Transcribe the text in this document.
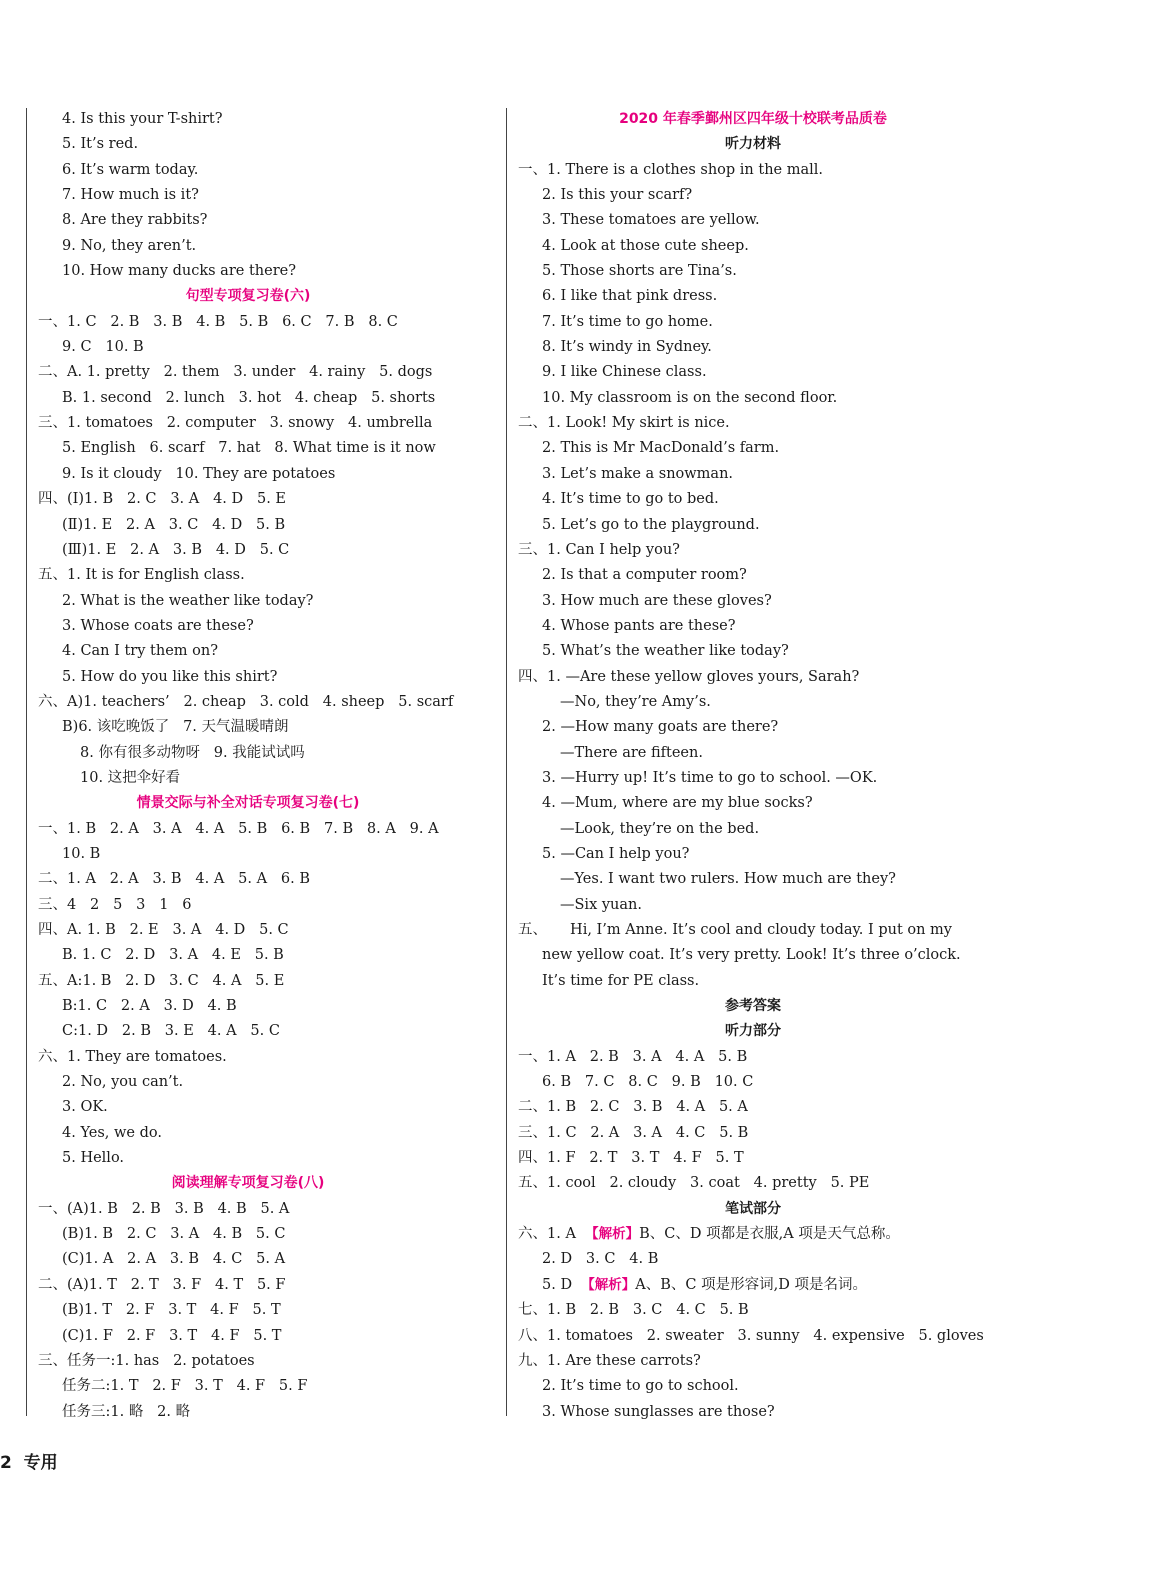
4. Is this your T-shirt?
5. It’s red.
6. It’s warm today.
7. How much is it?
8. Are they rabbits?
9. No, they aren’t.
10. How many ducks are there?
句型专项复习卷(六)
一、1. C   2. B   3. B   4. B   5. B   6. C   7. B   8. C
9. C   10. B
二、A. 1. pretty   2. them   3. under   4. rainy   5. dogs
B. 1. second   2. lunch   3. hot   4. cheap   5. shorts
三、1. tomatoes   2. computer   3. snowy   4. umbrella
5. English   6. scarf   7. hat   8. What time is it now
9. Is it cloudy   10. They are potatoes
四、(Ⅰ)1. B   2. C   3. A   4. D   5. E
(Ⅱ)1. E   2. A   3. C   4. D   5. B
(Ⅲ)1. E   2. A   3. B   4. D   5. C
五、1. It is for English class.
2. What is the weather like today?
3. Whose coats are these?
4. Can I try them on?
5. How do you like this shirt?
六、A)1. teachers’   2. cheap   3. cold   4. sheep   5. scarf
B)6. 该吃晚饭了   7. 天气温暖晴朗
8. 你有很多动物呀   9. 我能试试吗
10. 这把伞好看
情景交际与补全对话专项复习卷(七)
一、1. B   2. A   3. A   4. A   5. B   6. B   7. B   8. A   9. A
10. B
二、1. A   2. A   3. B   4. A   5. A   6. B
三、4   2   5   3   1   6
四、A. 1. B   2. E   3. A   4. D   5. C
B. 1. C   2. D   3. A   4. E   5. B
五、A:1. B   2. D   3. C   4. A   5. E
B:1. C   2. A   3. D   4. B
C:1. D   2. B   3. E   4. A   5. C
六、1. They are tomatoes.
2. No, you can’t.
3. OK.
4. Yes, we do.
5. Hello.
阅读理解专项复习卷(八)
一、(A)1. B   2. B   3. B   4. B   5. A
(B)1. B   2. C   3. A   4. B   5. C
(C)1. A   2. A   3. B   4. C   5. A
二、(A)1. T   2. T   3. F   4. T   5. F
(B)1. T   2. F   3. T   4. F   5. T
(C)1. F   2. F   3. T   4. F   5. T
三、任务一:1. has   2. potatoes
任务二:1. T   2. F   3. T   4. F   5. F
任务三:1. 略   2. 略
2020 年春季鄞州区四年级十校联考品质卷
听力材料
一、1. There is a clothes shop in the mall.
2. Is this your scarf?
3. These tomatoes are yellow.
4. Look at those cute sheep.
5. Those shorts are Tina’s.
6. I like that pink dress.
7. It’s time to go home.
8. It’s windy in Sydney.
9. I like Chinese class.
10. My classroom is on the second floor.
二、1. Look! My skirt is nice.
2. This is Mr MacDonald’s farm.
3. Let’s make a snowman.
4. It’s time to go to bed.
5. Let’s go to the playground.
三、1. Can I help you?
2. Is that a computer room?
3. How much are these gloves?
4. Whose pants are these?
5. What’s the weather like today?
四、1. —Are these yellow gloves yours, Sarah?
—No, they’re Amy’s.
2. —How many goats are there?
—There are fifteen.
3. —Hurry up! It’s time to go to school. —OK.
4. —Mum, where are my blue socks?
—Look, they’re on the bed.
5. —Can I help you?
—Yes. I want two rulers. How much are they?
—Six yuan.
五、     Hi, I’m Anne. It’s cool and cloudy today. I put on my
new yellow coat. It’s very pretty. Look! It’s three o’clock.
It’s time for PE class.
参考答案
听力部分
一、1. A   2. B   3. A   4. A   5. B
6. B   7. C   8. C   9. B   10. C
二、1. B   2. C   3. B   4. A   5. A
三、1. C   2. A   3. A   4. C   5. B
四、1. F   2. T   3. T   4. F   5. T
五、1. cool   2. cloudy   3. coat   4. pretty   5. PE
笔试部分
六、1. A  【解析】B、C、D 项都是衣服,A 项是天气总称。
2. D   3. C   4. B
5. D  【解析】A、B、C 项是形容词,D 项是名词。
七、1. B   2. B   3. C   4. C   5. B
八、1. tomatoes   2. sweater   3. sunny   4. expensive   5. gloves
九、1. Are these carrots?
2. It’s time to go to school.
3. Whose sunglasses are those?
2  专用
